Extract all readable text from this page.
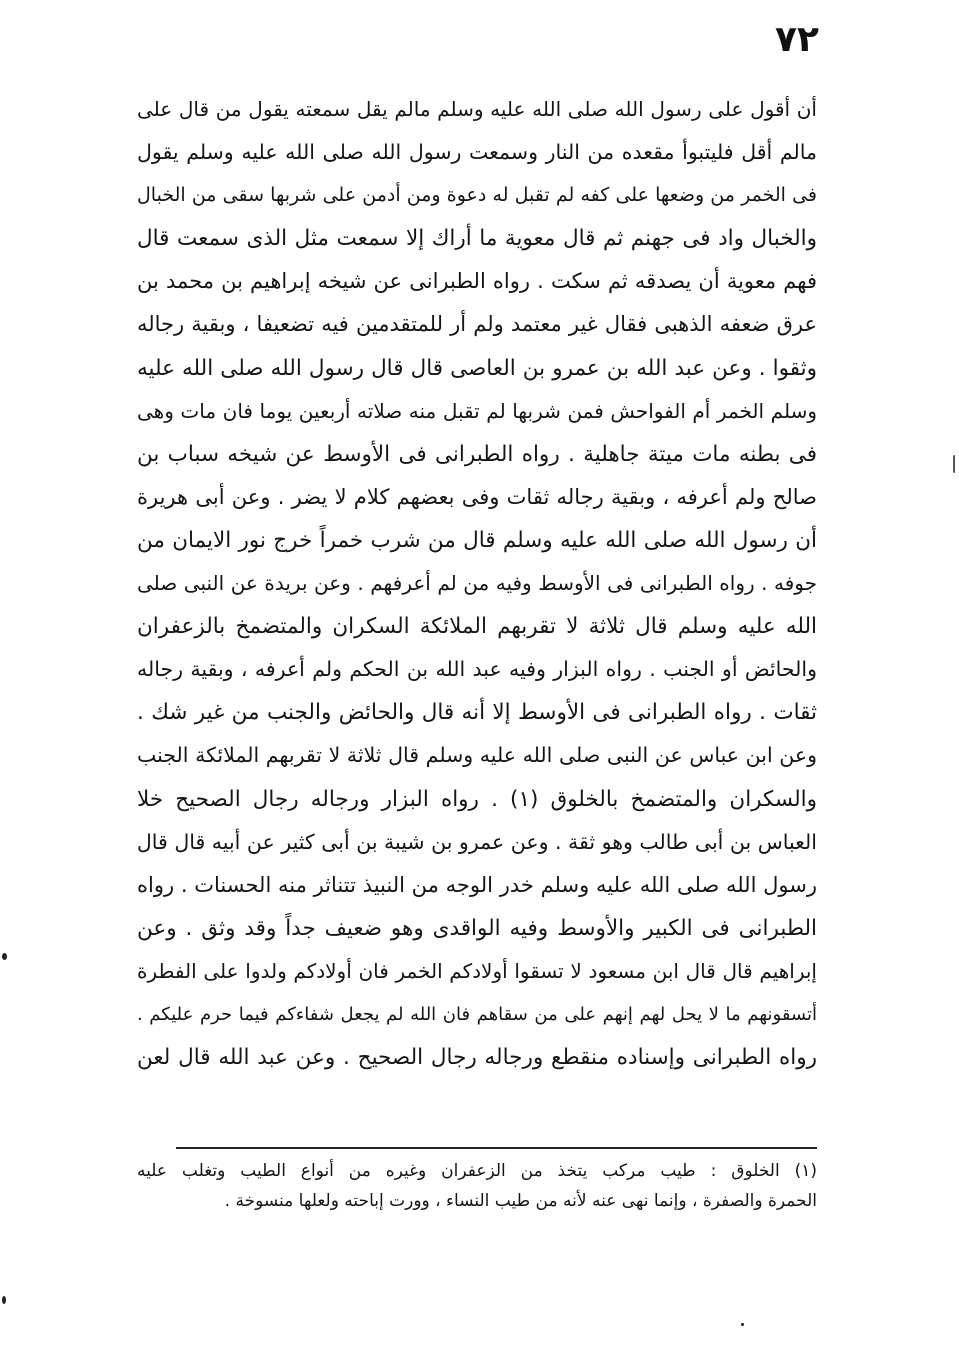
٧٢
أن أقول على رسول الله صلى الله عليه وسلم مالم يقل سمعته يقول من قال على
مالم أقل فليتبوأ مقعده من النار وسمعت رسول الله صلى الله عليه وسلم يقول
فى الخمر من وضعها على كفه لم تقبل له دعوة ومن أدمن على شربها سقى من الخبال
والخبال واد فى جهنم ثم قال معوية ما أراك إلا سمعت مثل الذى سمعت قال
فهم معوية أن يصدقه ثم سكت . رواه الطبرانى عن شيخه إبراهيم بن محمد بن
عرق ضعفه الذهبى فقال غير معتمد ولم أر للمتقدمين فيه تضعيفا ، وبقية رجاله
وثقوا . وعن عبد الله بن عمرو بن العاصى قال قال رسول الله صلى الله عليه
وسلم الخمر أم الفواحش فمن شربها لم تقبل منه صلاته أربعين يوما فان مات وهى
فى بطنه مات ميتة جاهلية . رواه الطبرانى فى الأوسط عن شيخه سباب بن
صالح ولم أعرفه ، وبقية رجاله ثقات وفى بعضهم كلام لا يضر . وعن أبى هريرة
أن رسول الله صلى الله عليه وسلم قال من شرب خمراً خرج نور الايمان من
جوفه . رواه الطبرانى فى الأوسط وفيه من لم أعرفهم . وعن بريدة عن النبى صلى
الله عليه وسلم قال ثلاثة لا تقربهم الملائكة السكران والمتضمخ بالزعفران
والحائض أو الجنب . رواه البزار وفيه عبد الله بن الحكم ولم أعرفه ، وبقية رجاله
ثقات . رواه الطبرانى فى الأوسط إلا أنه قال والحائض والجنب من غير شك .
وعن ابن عباس عن النبى صلى الله عليه وسلم قال ثلاثة لا تقربهم الملائكة الجنب
والسكران والمتضمخ بالخلوق (١) . رواه البزار ورجاله رجال الصحيح خلا
العباس بن أبى طالب وهو ثقة . وعن عمرو بن شيبة بن أبى كثير عن أبيه قال قال
رسول الله صلى الله عليه وسلم خدر الوجه من النبيذ تتناثر منه الحسنات . رواه
الطبرانى فى الكبير والأوسط وفيه الواقدى وهو ضعيف جداً وقد وثق . وعن
إبراهيم قال قال ابن مسعود لا تسقوا أولادكم الخمر فان أولادكم ولدوا على الفطرة
أتسقونهم ما لا يحل لهم إنهم على من سقاهم فان الله لم يجعل شفاءكم فيما حرم عليكم .
رواه الطبرانى وإسناده منقطع ورجاله رجال الصحيح . وعن عبد الله قال لعن
(١) الخلوق : طيب مركب يتخذ من الزعفران وغيره من أنواع الطيب وتغلب عليه
الحمرة والصفرة ، وإنما نهى عنه لأنه من طيب النساء ، وورت إباحته ولعلها منسوخة .
